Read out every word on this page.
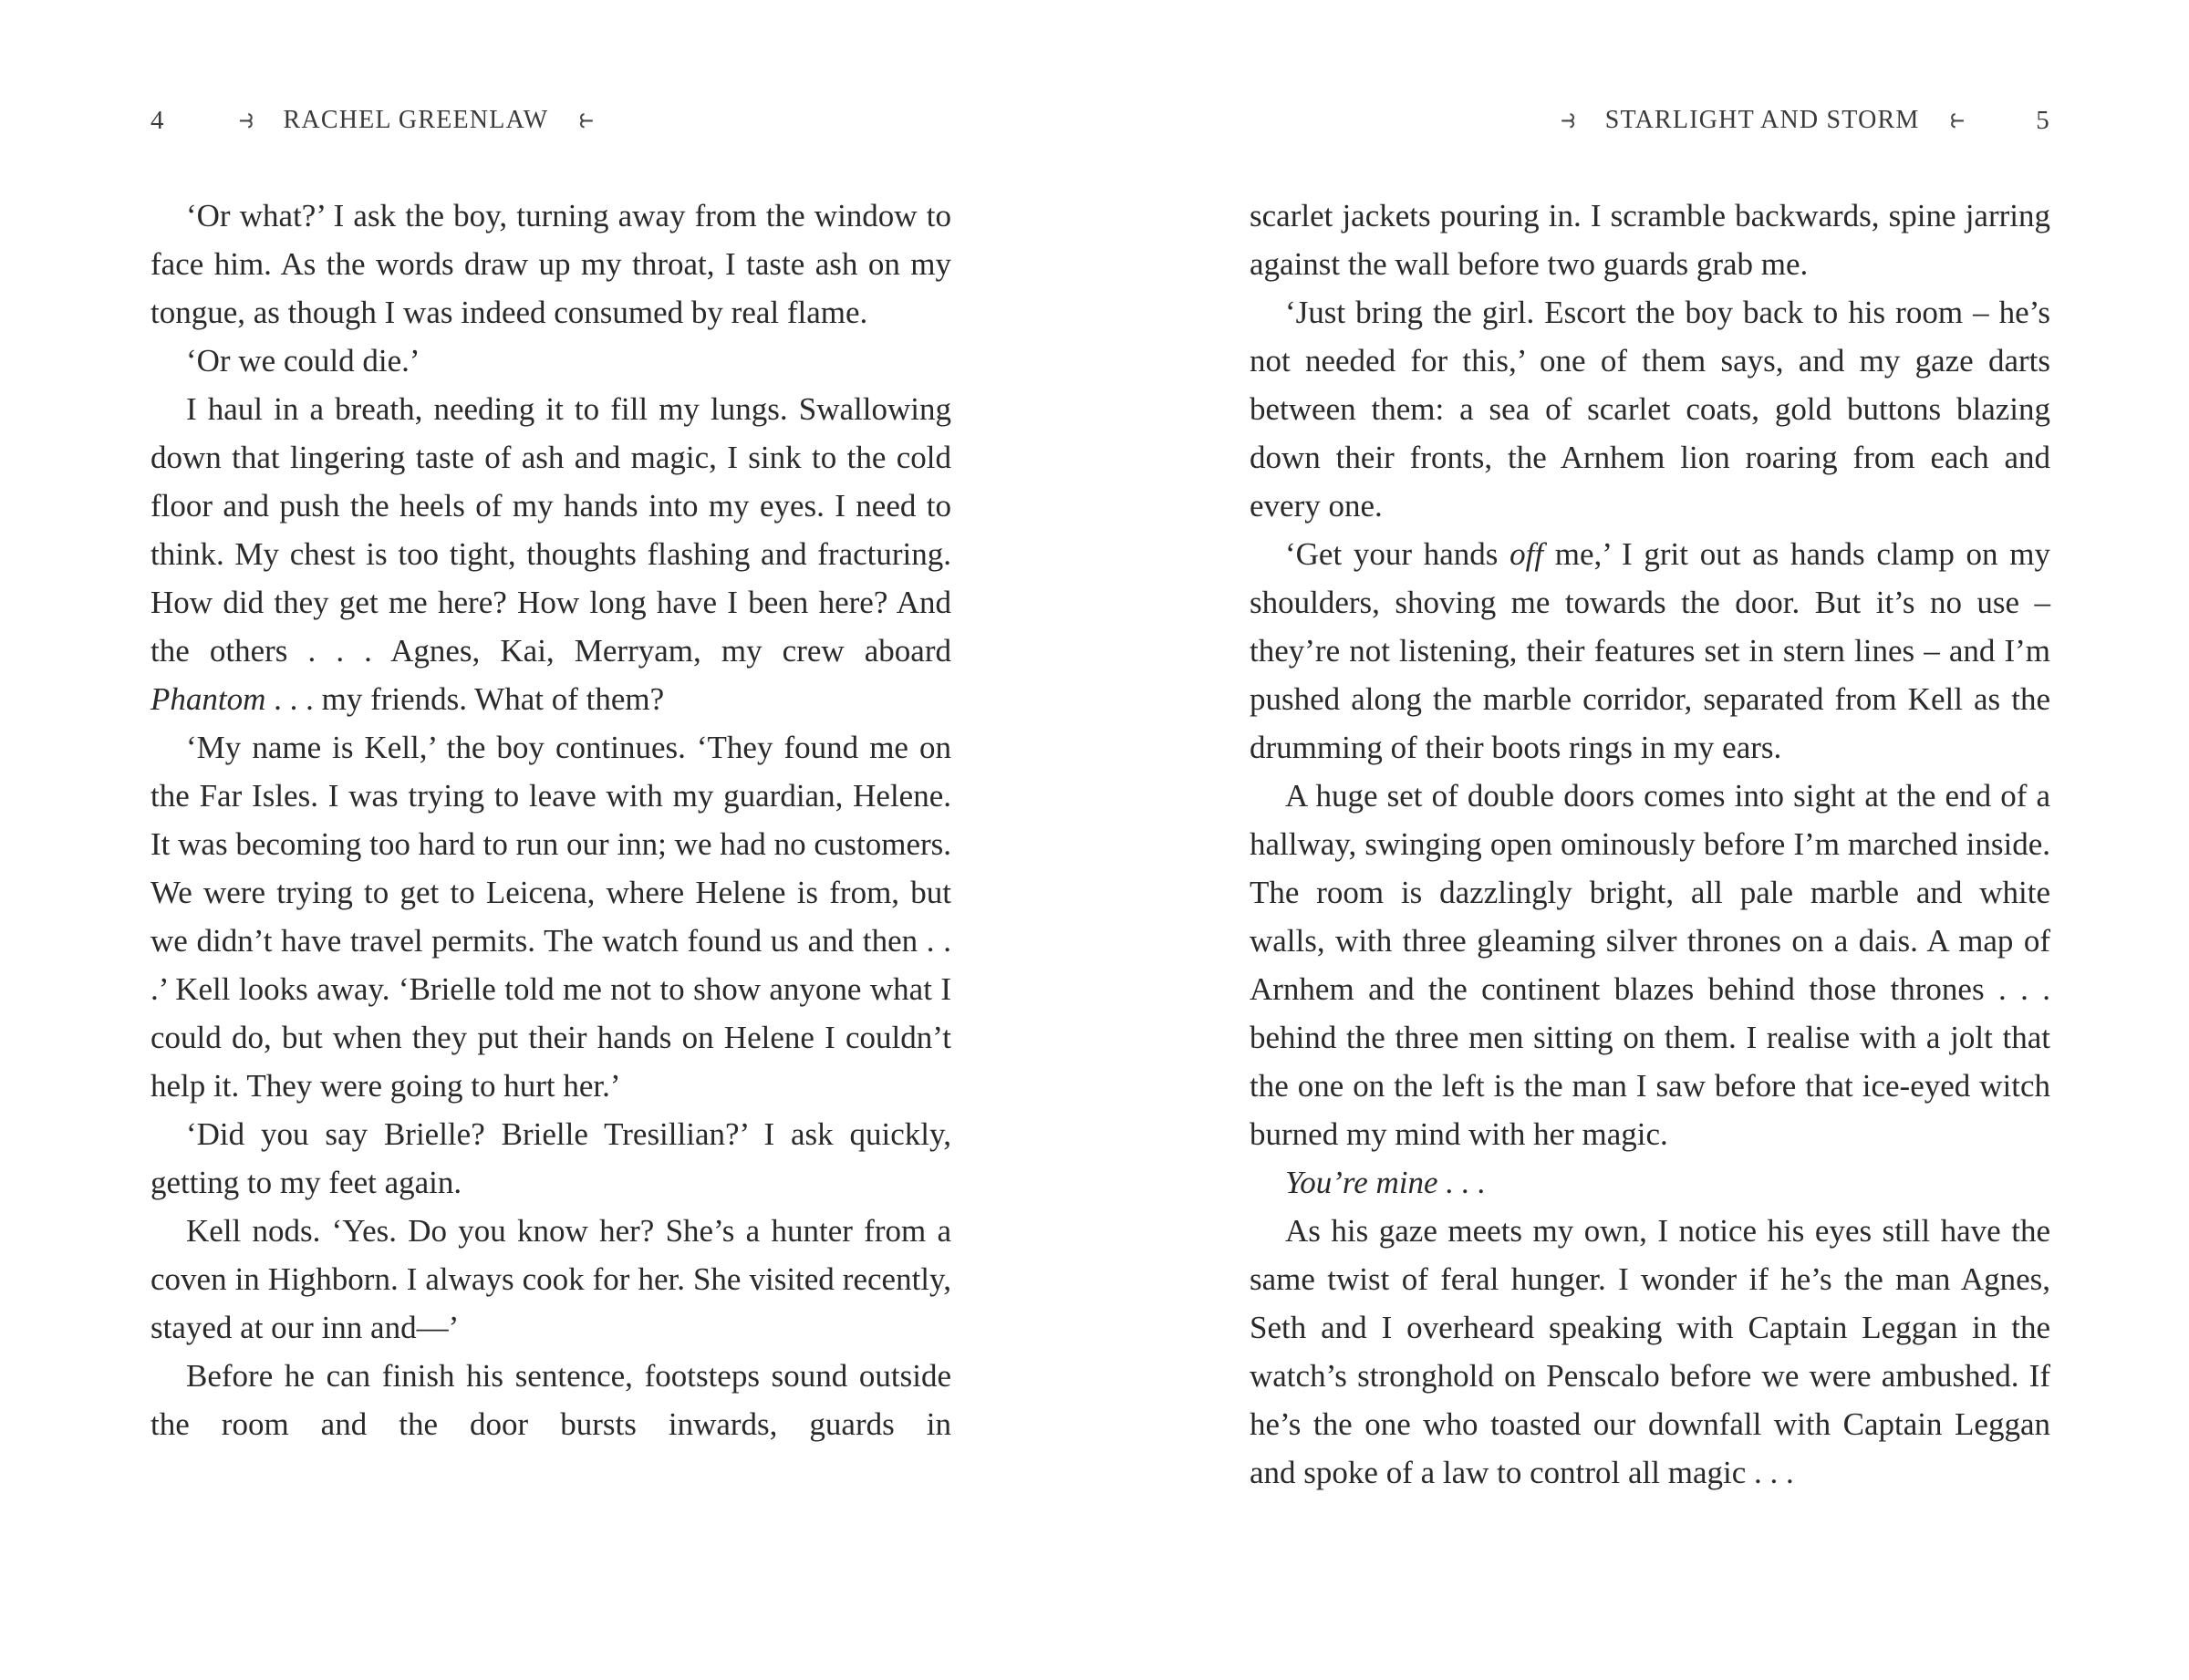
4	⥽ RACHEL GREENLAW ⥼

‘Or what?’ I ask the boy, turning away from the window to face him. As the words draw up my throat, I taste ash on my tongue, as though I was indeed consumed by real flame.

‘Or we could die.’

I haul in a breath, needing it to fill my lungs. Swallowing down that lingering taste of ash and magic, I sink to the cold floor and push the heels of my hands into my eyes. I need to think. My chest is too tight, thoughts flashing and fracturing. How did they get me here? How long have I been here? And the others . . . Agnes, Kai, Merryam, my crew aboard Phantom . . . my friends. What of them?

‘My name is Kell,’ the boy continues. ‘They found me on the Far Isles. I was trying to leave with my guardian, Helene. It was becoming too hard to run our inn; we had no customers. We were trying to get to Leicena, where Helene is from, but we didn’t have travel permits. The watch found us and then . . .’ Kell looks away. ‘Brielle told me not to show anyone what I could do, but when they put their hands on Helene I couldn’t help it. They were going to hurt her.’

‘Did you say Brielle? Brielle Tresillian?’ I ask quickly, getting to my feet again.

Kell nods. ‘Yes. Do you know her? She’s a hunter from a coven in Highborn. I always cook for her. She visited recently, stayed at our inn and—’

Before he can finish his sentence, footsteps sound outside the room and the door bursts inwards, guards in

⥽ STARLIGHT AND STORM ⥼	5

scarlet jackets pouring in. I scramble backwards, spine jarring against the wall before two guards grab me.

‘Just bring the girl. Escort the boy back to his room – he’s not needed for this,’ one of them says, and my gaze darts between them: a sea of scarlet coats, gold buttons blazing down their fronts, the Arnhem lion roaring from each and every one.

‘Get your hands off me,’ I grit out as hands clamp on my shoulders, shoving me towards the door. But it’s no use – they’re not listening, their features set in stern lines – and I’m pushed along the marble corridor, separated from Kell as the drumming of their boots rings in my ears.

A huge set of double doors comes into sight at the end of a hallway, swinging open ominously before I’m marched inside. The room is dazzlingly bright, all pale marble and white walls, with three gleaming silver thrones on a dais. A map of Arnhem and the continent blazes behind those thrones . . . behind the three men sitting on them. I realise with a jolt that the one on the left is the man I saw before that ice-eyed witch burned my mind with her magic.

You’re mine . . .

As his gaze meets my own, I notice his eyes still have the same twist of feral hunger. I wonder if he’s the man Agnes, Seth and I overheard speaking with Captain Leggan in the watch’s stronghold on Penscalo before we were ambushed. If he’s the one who toasted our downfall with Captain Leggan and spoke of a law to control all magic . . .
